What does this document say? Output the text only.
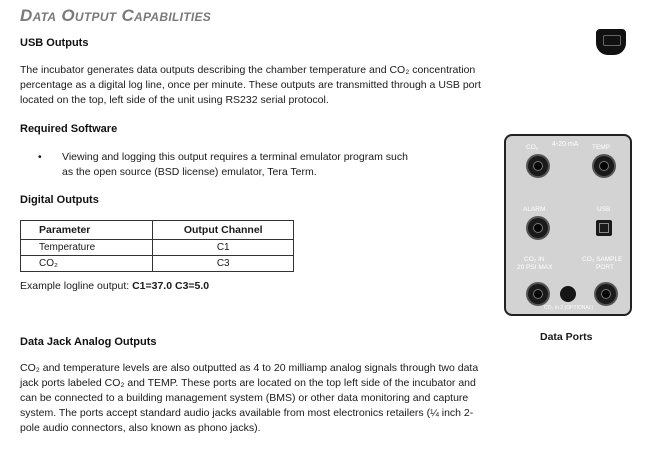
Data Output Capabilities
USB Outputs
The incubator generates data outputs describing the chamber temperature and CO₂ concentration
percentage as a digital log line, once per minute. These outputs are transmitted through a USB port
located on the top, left side of the unit using RS232 serial protocol.
Required Software
• Viewing and logging this output requires a terminal emulator program such
as the open source (BSD license) emulator, Tera Term.
Digital Outputs
Parameter	Output Channel
Temperature	C1
CO₂	C3
Example logline output: C1=37.0 C3=5.0
Data Jack Analog Outputs
CO₂ and temperature levels are also outputted as 4 to 20 milliamp analog signals through two data
jack ports labeled CO₂ and TEMP. These ports are located on the top left side of the incubator and
can be connected to a building management system (BMS) or other data monitoring and capture
system. The ports accept standard audio jacks available from most electronics retailers (¼ inch 2-
pole audio connectors, also known as phono jacks).
CO₂ 4-20 mA TEMP
ALARM	USB
CO₂ IN
20 PSI MAX
CO₂ SAMPLE
PORT
CO₂ In 2 (OPTIONAL)
Data Ports
